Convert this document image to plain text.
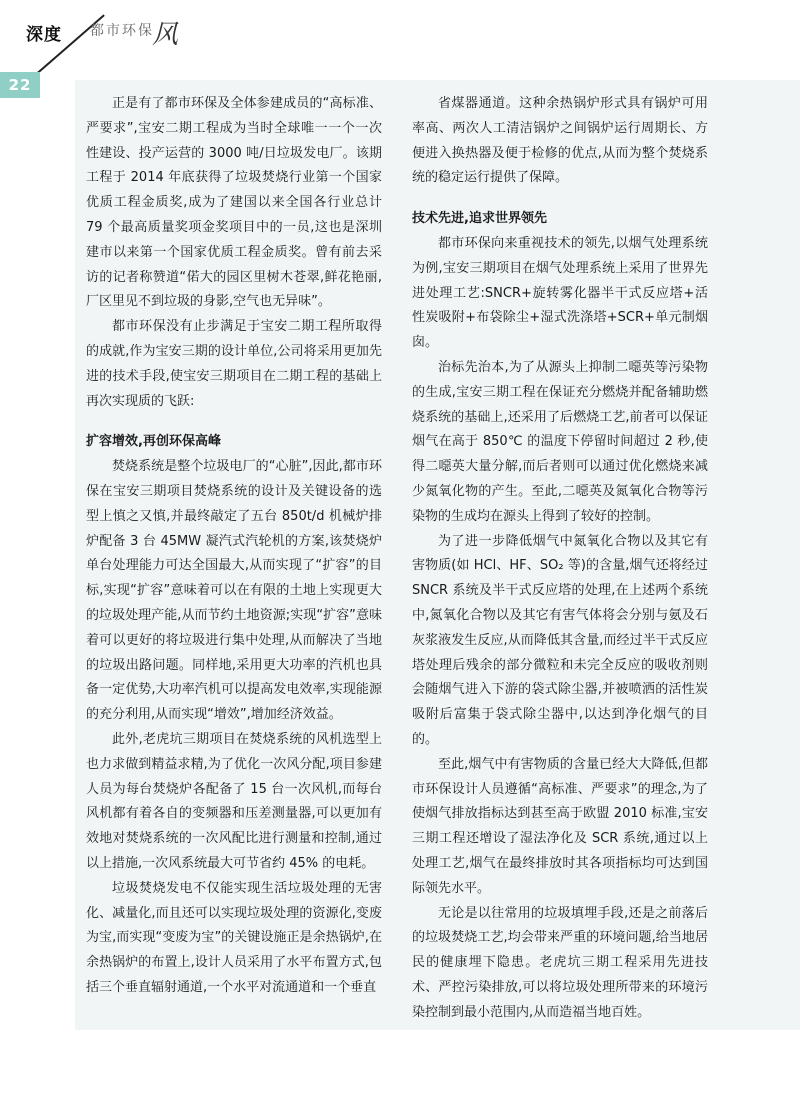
深度 都市环保
风
22

正是有了都市环保及全体参建成员的“高标准、严要求”,宝安二期工程成为当时全球唯一一个一次性建设、投产运营的 3000 吨/日垃圾发电厂。该期工程于 2014 年底获得了垃圾焚烧行业第一个国家优质工程金质奖,成为了建国以来全国各行业总计 79 个最高质量奖项金奖项目中的一员,这也是深圳建市以来第一个国家优质工程金质奖。曾有前去采访的记者称赞道“偌大的园区里树木苍翠,鲜花艳丽,厂区里见不到垃圾的身影,空气也无异味”。

都市环保没有止步满足于宝安二期工程所取得的成就,作为宝安三期的设计单位,公司将采用更加先进的技术手段,使宝安三期项目在二期工程的基础上再次实现质的飞跃:

扩容增效,再创环保高峰

焚烧系统是整个垃圾电厂的“心脏”,因此,都市环保在宝安三期项目焚烧系统的设计及关键设备的选型上慎之又慎,并最终敲定了五台 850t/d 机械炉排炉配备 3 台 45MW 凝汽式汽轮机的方案,该焚烧炉单台处理能力可达全国最大,从而实现了“扩容”的目标,实现“扩容”意味着可以在有限的土地上实现更大的垃圾处理产能,从而节约土地资源;实现“扩容”意味着可以更好的将垃圾进行集中处理,从而解决了当地的垃圾出路问题。同样地,采用更大功率的汽机也具备一定优势,大功率汽机可以提高发电效率,实现能源的充分利用,从而实现“增效”,增加经济效益。

此外,老虎坑三期项目在焚烧系统的风机选型上也力求做到精益求精,为了优化一次风分配,项目参建人员为每台焚烧炉各配备了 15 台一次风机,而每台风机都有着各自的变频器和压差测量器,可以更加有效地对焚烧系统的一次风配比进行测量和控制,通过以上措施,一次风系统最大可节省约 45% 的电耗。

垃圾焚烧发电不仅能实现生活垃圾处理的无害化、减量化,而且还可以实现垃圾处理的资源化,变废为宝,而实现“变废为宝”的关键设施正是余热锅炉,在余热锅炉的布置上,设计人员采用了水平布置方式,包括三个垂直辐射通道,一个水平对流通道和一个垂直

省煤器通道。这种余热锅炉形式具有锅炉可用率高、两次人工清洁锅炉之间锅炉运行周期长、方便进入换热器及便于检修的优点,从而为整个焚烧系统的稳定运行提供了保障。

技术先进,追求世界领先

都市环保向来重视技术的领先,以烟气处理系统为例,宝安三期项目在烟气处理系统上采用了世界先进处理工艺:SNCR+旋转雾化器半干式反应塔+活性炭吸附+布袋除尘+湿式洗涤塔+SCR+单元制烟囱。

治标先治本,为了从源头上抑制二噁英等污染物的生成,宝安三期工程在保证充分燃烧并配备辅助燃烧系统的基础上,还采用了后燃烧工艺,前者可以保证烟气在高于 850℃ 的温度下停留时间超过 2 秒,使得二噁英大量分解,而后者则可以通过优化燃烧来减少氮氧化物的产生。至此,二噁英及氮氧化合物等污染物的生成均在源头上得到了较好的控制。

为了进一步降低烟气中氮氧化合物以及其它有害物质(如 HCl、HF、SO₂ 等)的含量,烟气还将经过 SNCR 系统及半干式反应塔的处理,在上述两个系统中,氮氧化合物以及其它有害气体将会分别与氨及石灰浆液发生反应,从而降低其含量,而经过半干式反应塔处理后残余的部分微粒和未完全反应的吸收剂则会随烟气进入下游的袋式除尘器,并被喷洒的活性炭吸附后富集于袋式除尘器中,以达到净化烟气的目的。

至此,烟气中有害物质的含量已经大大降低,但都市环保设计人员遵循“高标准、严要求”的理念,为了使烟气排放指标达到甚至高于欧盟 2010 标准,宝安三期工程还增设了湿法净化及 SCR 系统,通过以上处理工艺,烟气在最终排放时其各项指标均可达到国际领先水平。

无论是以往常用的垃圾填埋手段,还是之前落后的垃圾焚烧工艺,均会带来严重的环境问题,给当地居民的健康埋下隐患。老虎坑三期工程采用先进技术、严控污染排放,可以将垃圾处理所带来的环境污染控制到最小范围内,从而造福当地百姓。
